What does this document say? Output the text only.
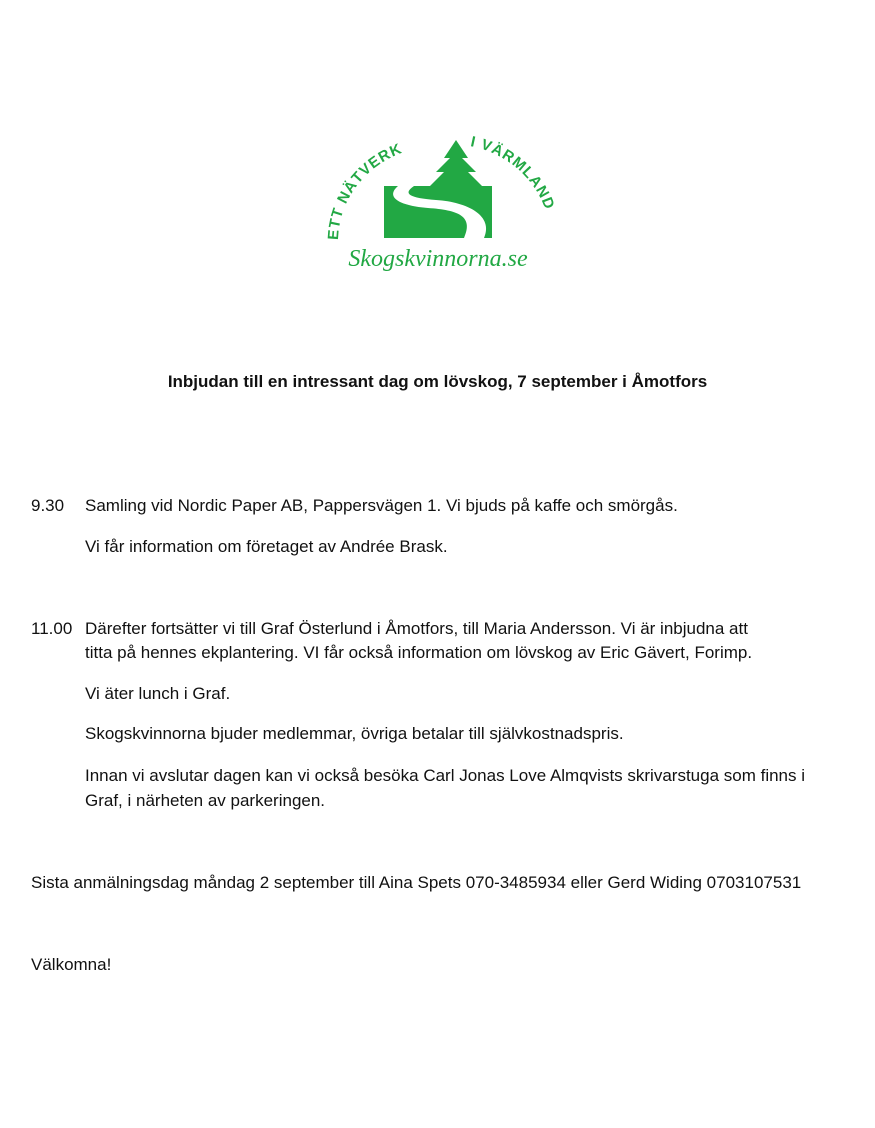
ETT NÄTVERK	I VÄRMLAND
Skogskvinnorna.se
Inbjudan till en intressant dag om lövskog, 7 september i Åmotfors
9.30 Samling vid Nordic Paper AB, Pappersvägen 1. Vi bjuds på kaffe och smörgås.
Vi får information om företaget av Andrée Brask.
11.00 Därefter fortsätter vi till Graf Österlund i Åmotfors, till Maria Andersson. Vi är inbjudna att
titta på hennes ekplantering. VI får också information om lövskog av Eric Gävert, Forimp.
Vi äter lunch i Graf.
Skogskvinnorna bjuder medlemmar, övriga betalar till självkostnadspris.
Innan vi avslutar dagen kan vi också besöka Carl Jonas Love Almqvists skrivarstuga som finns i
Graf, i närheten av parkeringen.
Sista anmälningsdag måndag 2 september till Aina Spets 070-3485934 eller Gerd Widing 0703107531
Välkomna!
